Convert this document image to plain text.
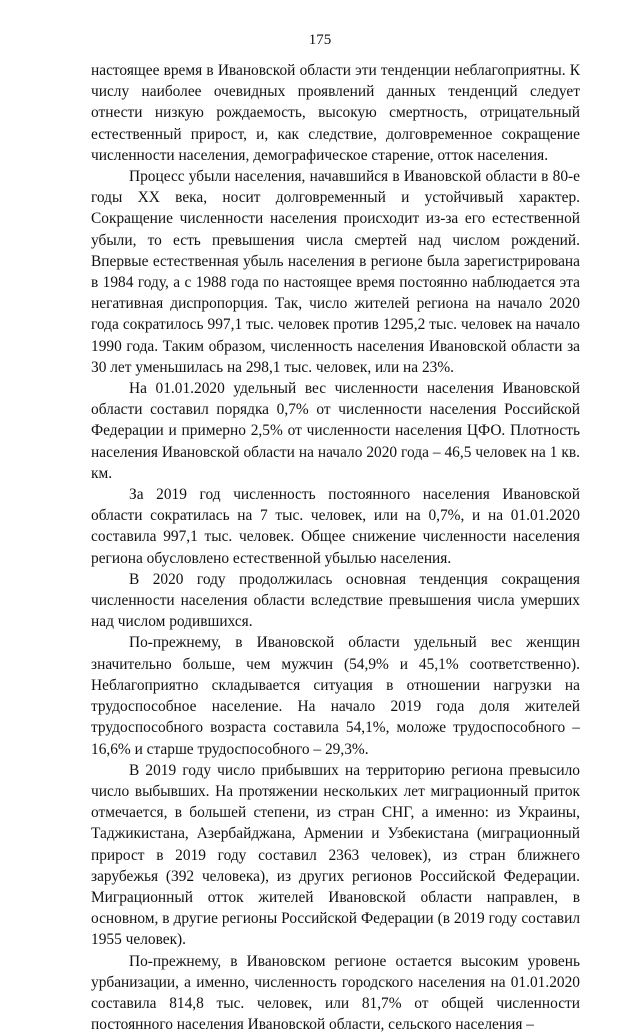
175

настоящее время в Ивановской области эти тенденции неблагоприятны. К числу наиболее очевидных проявлений данных тенденций следует отнести низкую рождаемость, высокую смертность, отрицательный естественный прирост, и, как следствие, долговременное сокращение численности населения, демографическое старение, отток населения.

Процесс убыли населения, начавшийся в Ивановской области в 80-е годы XX века, носит долговременный и устойчивый характер. Сокращение численности населения происходит из-за его естественной убыли, то есть превышения числа смертей над числом рождений. Впервые естественная убыль населения в регионе была зарегистрирована в 1984 году, а с 1988 года по настоящее время постоянно наблюдается эта негативная диспропорция. Так, число жителей региона на начало 2020 года сократилось 997,1 тыс. человек против 1295,2 тыс. человек на начало 1990 года. Таким образом, численность населения Ивановской области за 30 лет уменьшилась на 298,1 тыс. человек, или на 23%.

На 01.01.2020 удельный вес численности населения Ивановской области составил порядка 0,7% от численности населения Российской Федерации и примерно 2,5% от численности населения ЦФО. Плотность населения Ивановской области на начало 2020 года – 46,5 человек на 1 кв. км.

За 2019 год численность постоянного населения Ивановской области сократилась на 7 тыс. человек, или на 0,7%, и на 01.01.2020 составила 997,1 тыс. человек. Общее снижение численности населения региона обусловлено естественной убылью населения.

В 2020 году продолжилась основная тенденция сокращения численности населения области вследствие превышения числа умерших над числом родившихся.

По-прежнему, в Ивановской области удельный вес женщин значительно больше, чем мужчин (54,9% и 45,1% соответственно). Неблагоприятно складывается ситуация в отношении нагрузки на трудоспособное население. На начало 2019 года доля жителей трудоспособного возраста составила 54,1%, моложе трудоспособного – 16,6% и старше трудоспособного – 29,3%.

В 2019 году число прибывших на территорию региона превысило число выбывших. На протяжении нескольких лет миграционный приток отмечается, в большей степени, из стран СНГ, а именно: из Украины, Таджикистана, Азербайджана, Армении и Узбекистана (миграционный прирост в 2019 году составил 2363 человек), из стран ближнего зарубежья (392 человека), из других регионов Российской Федерации. Миграционный отток жителей Ивановской области направлен, в основном, в другие регионы Российской Федерации (в 2019 году составил 1955 человек).

По-прежнему, в Ивановском регионе остается высоким уровень урбанизации, а именно, численность городского населения на 01.01.2020 составила 814,8 тыс. человек, или 81,7% от общей численности постоянного населения Ивановской области, сельского населения –
